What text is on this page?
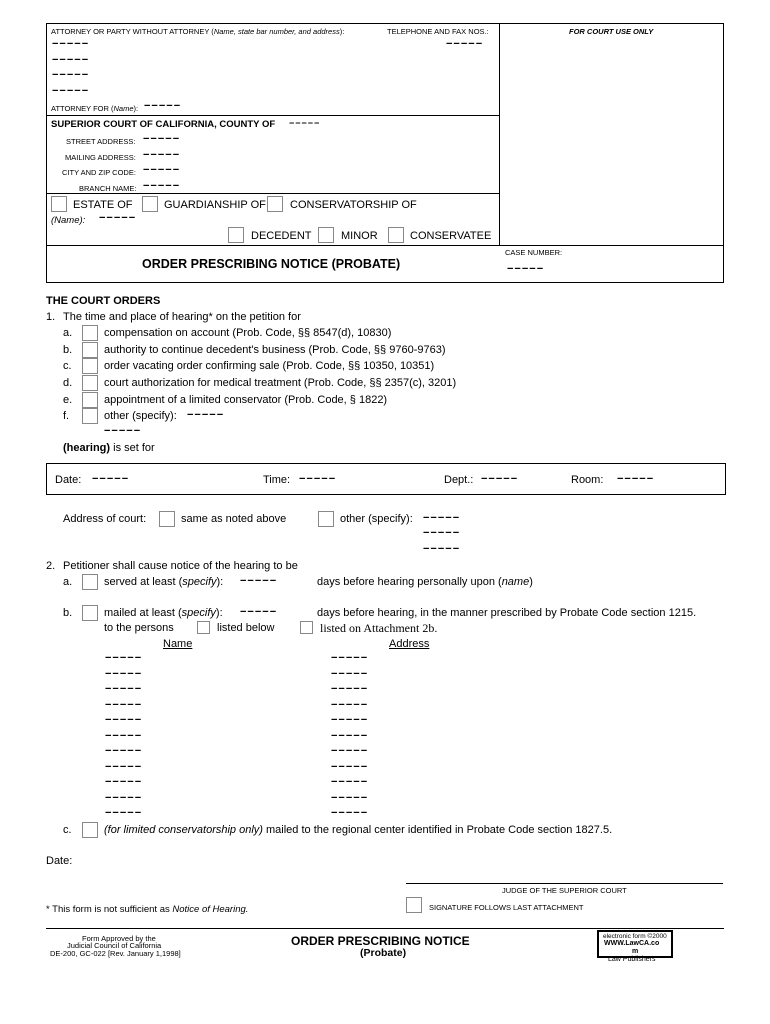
ATTORNEY OR PARTY WITHOUT ATTORNEY (Name, state bar number, and address):	TELEPHONE AND FAX NOS.:
−−−−−
FOR COURT USE ONLY
−−−−−
−−−−−
−−−−−
−−−−−
ATTORNEY FOR (Name): −−−−−
SUPERIOR COURT OF CALIFORNIA, COUNTY OF −−−−−
STREET ADDRESS: −−−−−
MAILING ADDRESS: −−−−−
CITY AND ZIP CODE: −−−−−
BRANCH NAME: −−−−−
ESTATE OF	GUARDIANSHIP OF CONSERVATORSHIP OF
(Name): −−−−−
DECEDENT	MINOR	CONSERVATEE
ORDER PRESCRIBING NOTICE (PROBATE)
CASE NUMBER:
−−−−−
THE COURT ORDERS
1. The time and place of hearing* on the petition for
a.	compensation on account (Prob. Code, §§ 8547(d), 10830)
b.	authority to continue decedent's business (Prob. Code, §§ 9760-9763)
c.	order vacating order confirming sale (Prob. Code, §§ 10350, 10351)
d.	court authorization for medical treatment (Prob. Code, §§ 2357(c), 3201)
e.	appointment of a limited conservator (Prob. Code, § 1822)
f.	other (specify): −−−−−
−−−−−
(hearing) is set for
Date: −−−−−	Time: −−−−−	Dept.: −−−−−	Room: −−−−−
Address of court:	same as noted above	other (specify): −−−−−
−−−−−
−−−−−
2. Petitioner shall cause notice of the hearing to be
a.	served at least (specify): −−−−−	days before hearing personally upon (name)
b.	mailed at least (specify): −−−−−	days before hearing, in the manner prescribed by Probate Code section 1215.
to the persons	listed below	listed on Attachment 2b.
Name	Address
−−−−−	−−−−−
−−−−−	−−−−−
−−−−−	−−−−−
−−−−−	−−−−−
−−−−−	−−−−−
−−−−−	−−−−−
−−−−−	−−−−−
−−−−−	−−−−−
−−−−−	−−−−−
−−−−−	−−−−−
−−−−−	−−−−−
c.	(for limited conservatorship only) mailed to the regional center identified in Probate Code section 1827.5.
Date:
JUDGE OF THE SUPERIOR COURT
SIGNATURE FOLLOWS LAST ATTACHMENT
* This form is not sufficient as Notice of Hearing.
Form Approved by the
Judicial Council of California
DE-200, GC-022 [Rev. January 1,1998]
ORDER PRESCRIBING NOTICE
(Probate)
electronic form ©2000
WWW.LawCA.co
m
Law Publishers
